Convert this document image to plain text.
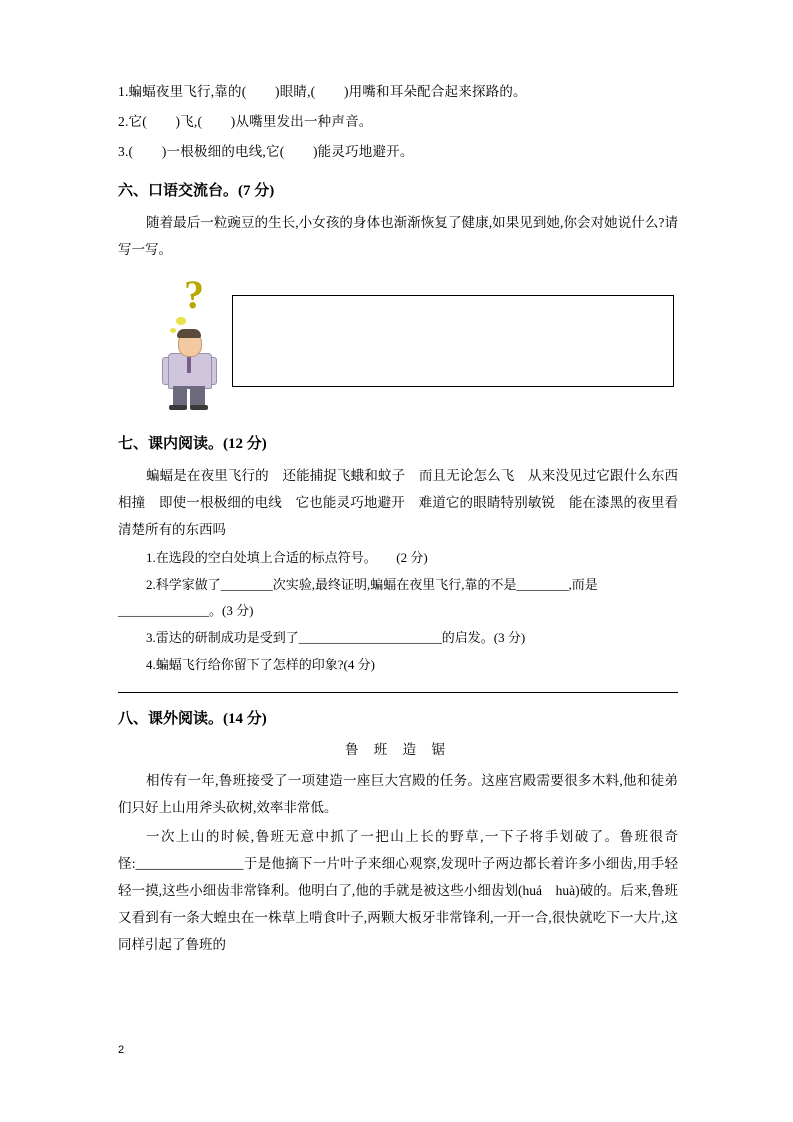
1.蝙蝠夜里飞行,靠的(        )眼睛,(        )用嘴和耳朵配合起来探路的。

2.它(        )飞,(        )从嘴里发出一种声音。

3.(        )一根极细的电线,它(        )能灵巧地避开。

六、口语交流台。(7 分)

随着最后一粒豌豆的生长,小女孩的身体也渐渐恢复了健康,如果见到她,你会对她说什么?请写一写。

?
七、课内阅读。(12 分)

蝙蝠是在夜里飞行的　还能捕捉飞蛾和蚊子　而且无论怎么飞　从来没见过它跟什么东西相撞　即使一根极细的电线　它也能灵巧地避开　难道它的眼睛特别敏锐　能在漆黑的夜里看清楚所有的东西吗

1.在选段的空白处填上合适的标点符号。　　(2 分)

2.科学家做了________次实验,最终证明,蝙蝠在夜里飞行,靠的不是________,而是______________。(3 分)

3.雷达的研制成功是受到了______________________的启发。(3 分)

4.蝙蝠飞行给你留下了怎样的印象?(4 分)

八、课外阅读。(14 分)

鲁 班 造 锯

相传有一年,鲁班接受了一项建造一座巨大宫殿的任务。这座宫殿需要很多木料,他和徒弟们只好上山用斧头砍树,效率非常低。

一次上山的时候,鲁班无意中抓了一把山上长的野草,一下子将手划破了。鲁班很奇怪:________________于是他摘下一片叶子来细心观察,发现叶子两边都长着许多小细齿,用手轻轻一摸,这些小细齿非常锋利。他明白了,他的手就是被这些小细齿划(huá　huà)破的。后来,鲁班又看到有一条大蝗虫在一株草上啃食叶子,两颗大板牙非常锋利,一开一合,很快就吃下一大片,这同样引起了鲁班的

2
